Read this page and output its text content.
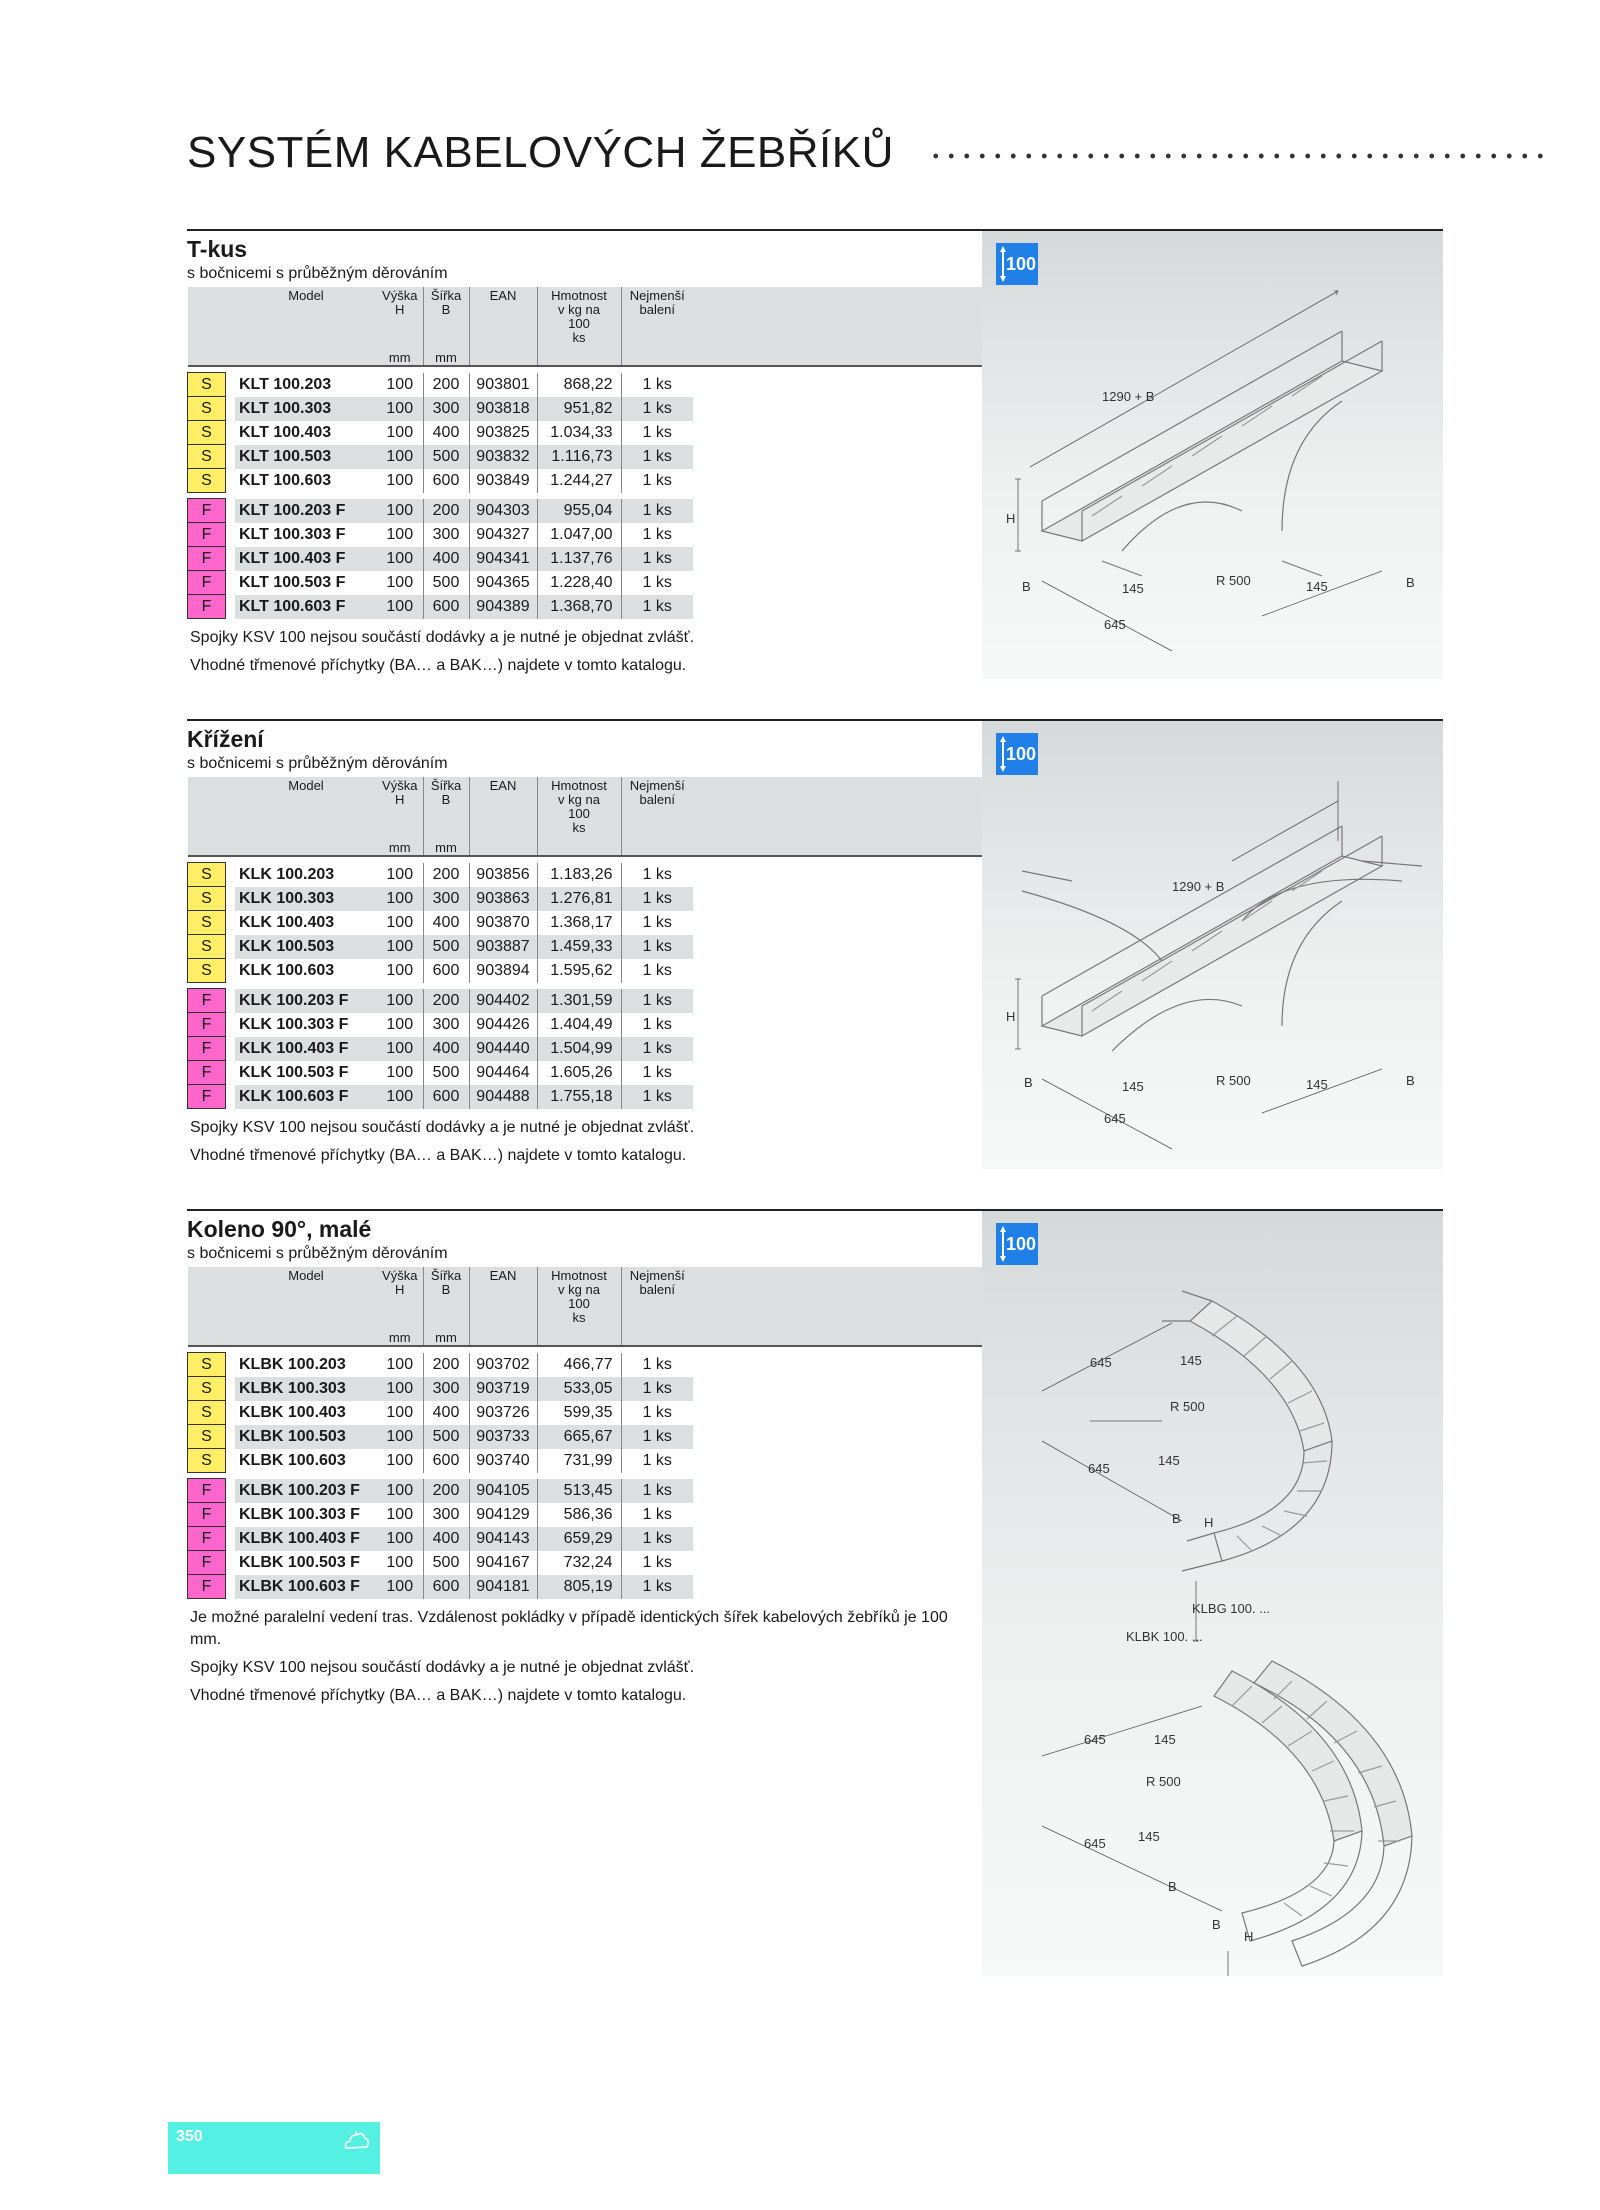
SYSTÉM KABELOVÝCH ŽEBŘÍKŮ
T-kus
s bočnicemi s průběžným děrováním
		Model	Výška
H	Šířka
B	EAN	Hmotnost
v kg na
100
ks	Nejmenší
balení	
			mm	mm				

S		KLT 100.203	100	200	903801	868,22	1 ks	
S		KLT 100.303	100	300	903818	951,82	1 ks	
S		KLT 100.403	100	400	903825	1.034,33	1 ks	
S		KLT 100.503	100	500	903832	1.116,73	1 ks	
S		KLT 100.603	100	600	903849	1.244,27	1 ks	

F		KLT 100.203 F	100	200	904303	955,04	1 ks	
F		KLT 100.303 F	100	300	904327	1.047,00	1 ks	
F		KLT 100.403 F	100	400	904341	1.137,76	1 ks	
F		KLT 100.503 F	100	500	904365	1.228,40	1 ks	
F		KLT 100.603 F	100	600	904389	1.368,70	1 ks	
Spojky KSV 100 nejsou součástí dodávky a je nutné je objednat zvlášť.
Vhodné třmenové příchytky (BA… a BAK…) najdete v tomto katalogu.
100
1290 + B
H
B	145
R 500	145	B
645
Křížení
s bočnicemi s průběžným děrováním
		Model	Výška
H	Šířka
B	EAN	Hmotnost
v kg na
100
ks	Nejmenší
balení	
			mm	mm				

S		KLK 100.203	100	200	903856	1.183,26	1 ks	
S		KLK 100.303	100	300	903863	1.276,81	1 ks	
S		KLK 100.403	100	400	903870	1.368,17	1 ks	
S		KLK 100.503	100	500	903887	1.459,33	1 ks	
S		KLK 100.603	100	600	903894	1.595,62	1 ks	

F		KLK 100.203 F	100	200	904402	1.301,59	1 ks	
F		KLK 100.303 F	100	300	904426	1.404,49	1 ks	
F		KLK 100.403 F	100	400	904440	1.504,99	1 ks	
F		KLK 100.503 F	100	500	904464	1.605,26	1 ks	
F		KLK 100.603 F	100	600	904488	1.755,18	1 ks	
Spojky KSV 100 nejsou součástí dodávky a je nutné je objednat zvlášť.
Vhodné třmenové příchytky (BA… a BAK…) najdete v tomto katalogu.
100
1290 + B
H
B	145	R 500	145	B
645
Koleno 90°, malé
s bočnicemi s průběžným děrováním
		Model	Výška
H	Šířka
B	EAN	Hmotnost
v kg na
100
ks	Nejmenší
balení	
			mm	mm				

S		KLBK 100.203	100	200	903702	466,77	1 ks	
S		KLBK 100.303	100	300	903719	533,05	1 ks	
S		KLBK 100.403	100	400	903726	599,35	1 ks	
S		KLBK 100.503	100	500	903733	665,67	1 ks	
S		KLBK 100.603	100	600	903740	731,99	1 ks	

F		KLBK 100.203 F	100	200	904105	513,45	1 ks	
F		KLBK 100.303 F	100	300	904129	586,36	1 ks	
F		KLBK 100.403 F	100	400	904143	659,29	1 ks	
F		KLBK 100.503 F	100	500	904167	732,24	1 ks	
F		KLBK 100.603 F	100	600	904181	805,19	1 ks	
Je možné paralelní vedení tras. Vzdálenost pokládky v případě identických šířek kabelových žebříků je 100 mm.
Spojky KSV 100 nejsou součástí dodávky a je nutné je objednat zvlášť.
Vhodné třmenové příchytky (BA… a BAK…) najdete v tomto katalogu.
100
645	145
R 500
645
145
B H
KLBG 100. ...
KLBK 100. ...
645	145
R 500
645 145
B
B
H
350
